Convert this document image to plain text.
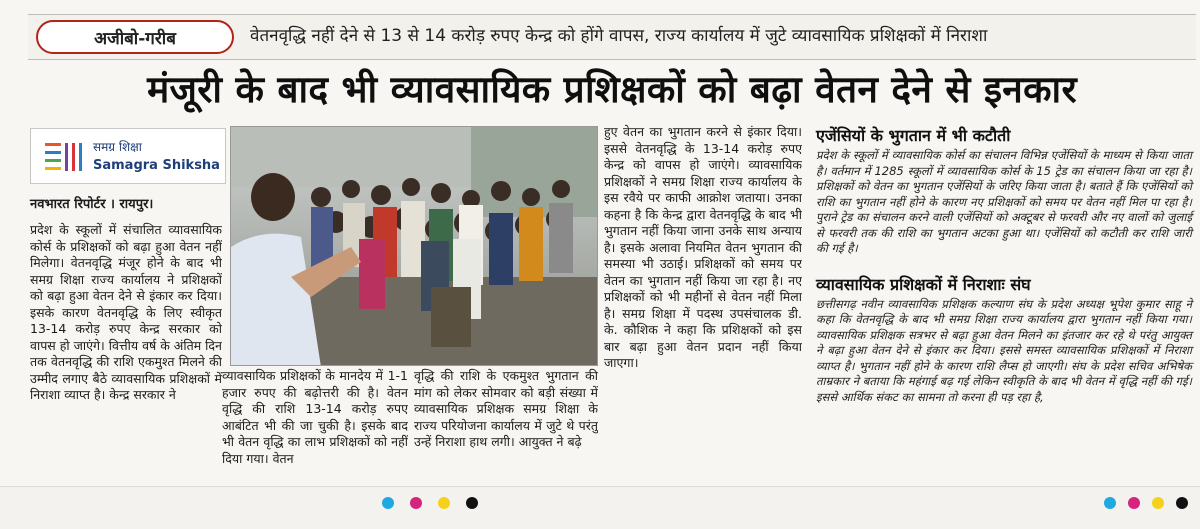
अजीबो-गरीब	वेतनवृद्धि नहीं देने से 13 से 14 करोड़ रुपए केन्द्र को होंगे वापस, राज्य कार्यालय में जुटे व्यावसायिक प्रशिक्षकों में निराशा
मंजूरी के बाद भी व्यावसायिक प्रशिक्षकों को बढ़ा वेतन देने से इनकार
समग्र शिक्षा
Samagra Shiksha
नवभारत रिपोर्टर । रायपुर।
प्रदेश के स्कूलों में संचालित व्यावसायिक कोर्स के प्रशिक्षकों को बढ़ा हुआ वेतन नहीं मिलेगा। वेतनवृद्धि मंजूर होने के बाद भी समग्र शिक्षा राज्य कार्यालय ने प्रशिक्षकों को बढ़ा हुआ वेतन देने से इंकार कर दिया। इसके कारण वेतनवृद्धि के लिए स्वीकृत 13-14 करोड़ रुपए केन्द्र सरकार को वापस हो जाएंगे। वित्तीय वर्ष के अंतिम दिन तक वेतनवृद्धि की राशि एकमुश्त मिलने की उम्मीद लगाए बैठे व्यावसायिक प्रशिक्षकों में निराशा व्याप्त है। केन्द्र सरकार ने
व्यावसायिक प्रशिक्षकों के मानदेय में 1-1 हजार रुपए की बढ़ोत्तरी की है। वेतन वृद्धि की राशि 13-14 करोड़ रुपए आबंटित भी की जा चुकी है। इसके बाद भी वेतन वृद्धि का लाभ प्रशिक्षकों को नहीं दिया गया। वेतन
वृद्धि की राशि के एकमुश्त भुगतान की मांग को लेकर सोमवार को बड़ी संख्या में व्यावसायिक प्रशिक्षक समग्र शिक्षा के राज्य परियोजना कार्यालय में जुटे थे परंतु उन्हें निराशा हाथ लगी। आयुक्त ने बढ़े
हुए वेतन का भुगतान करने से इंकार दिया। इससे वेतनवृद्धि के 13-14 करोड़ रुपए केन्द्र को वापस हो जाएंगे। व्यावसायिक प्रशिक्षकों ने समग्र शिक्षा राज्य कार्यालय के इस रवैये पर काफी आक्रोश जताया। उनका कहना है कि केन्द्र द्वारा वेतनवृद्धि के बाद भी भुगतान नहीं किया जाना उनके साथ अन्याय है। इसके अलावा नियमित वेतन भुगतान की समस्या भी उठाई। प्रशिक्षकों को समय पर वेतन का भुगतान नहीं किया जा रहा है। नए प्रशिक्षकों को भी महीनों से वेतन नहीं मिला है। समग्र शिक्षा में पदस्थ उपसंचालक डी. के. कौशिक ने कहा कि प्रशिक्षकों को इस बार बढ़ा हुआ वेतन प्रदान नहीं किया जाएगा।
एजेंसियों के भुगतान में भी कटौती
प्रदेश के स्कूलों में व्यावसायिक कोर्स का संचालन विभिन्न एजेंसियों के माध्यम से किया जाता है। वर्तमान में 1285 स्कूलों में व्यावसायिक कोर्स के 15 ट्रेड का संचालन किया जा रहा है। प्रशिक्षकों को वेतन का भुगतान एजेंसियों के जरिए किया जाता है। बताते हैं कि एजेंसियों को राशि का भुगतान नहीं होने के कारण नए प्रशिक्षकों को समय पर वेतन नहीं मिल पा रहा है। पुराने ट्रेड का संचालन करने वाली एजेंसियों को अक्टूबर से फरवरी और नए वालों को जुलाई से फरवरी तक की राशि का भुगतान अटका हुआ था। एजेंसियों को कटौती कर राशि जारी की गई है।
व्यावसायिक प्रशिक्षकों में निराशाः संघ
छत्तीसगढ़ नवीन व्यावसायिक प्रशिक्षक कल्याण संघ के प्रदेश अध्यक्ष भूपेश कुमार साहू ने कहा कि वेतनवृद्धि के बाद भी समग्र शिक्षा राज्य कार्यालय द्वारा भुगतान नहीं किया गया। व्यावसायिक प्रशिक्षक सत्रभर से बढ़ा हुआ वेतन मिलने का इंतजार कर रहे थे परंतु आयुक्त ने बढ़ा हुआ वेतन देने से इंकार कर दिया। इससे समस्त व्यावसायिक प्रशिक्षकों में निराशा व्याप्त है। भुगतान नहीं होने के कारण राशि लैप्स हो जाएगी। संघ के प्रदेश सचिव अभिषेक ताम्रकार ने बताया कि महंगाई बढ़ गई लेकिन स्वीकृति के बाद भी वेतन में वृद्धि नहीं की गई। इससे आर्थिक संकट का सामना तो करना ही पड़ रहा है,
